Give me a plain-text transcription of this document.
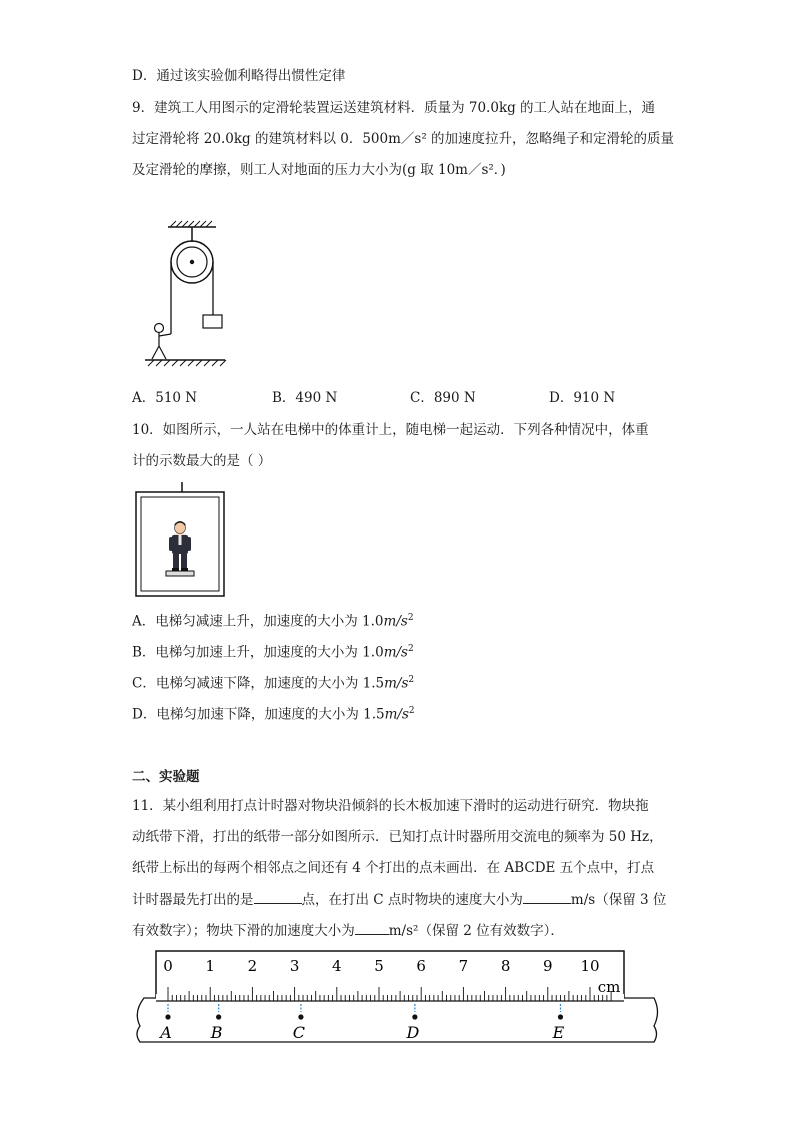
D．通过该实验伽利略得出惯性定律
9．建筑工人用图示的定滑轮装置运送建筑材料．质量为 70.0kg 的工人站在地面上，通
过定滑轮将 20.0kg 的建筑材料以 0．500m／s² 的加速度拉升，忽略绳子和定滑轮的质量
及定滑轮的摩擦，则工人对地面的压力大小为(g 取 10m／s²．)
A．510 N	B．490 N	C．890 N	D．910 N
10．如图所示，一人站在电梯中的体重计上，随电梯一起运动．下列各种情况中，体重
计的示数最大的是（ ）
A．电梯匀减速上升，加速度的大小为 $1.0m/s^2$
B．电梯匀加速上升，加速度的大小为 $1.0m/s^2$
C．电梯匀减速下降，加速度的大小为 $1.5m/s^2$
D．电梯匀加速下降，加速度的大小为 $1.5m/s^2$
二、实验题
11．某小组利用打点计时器对物块沿倾斜的长木板加速下滑时的运动进行研究．物块拖
动纸带下滑，打出的纸带一部分如图所示．已知打点计时器所用交流电的频率为 50 Hz，
纸带上标出的每两个相邻点之间还有 4 个打出的点未画出．在 ABCDE 五个点中，打点
计时器最先打出的是	点，在打出 C 点时物块的速度大小为	m/s（保留 3 位
有效数字）；物块下滑的加速度大小为	m/s²（保留 2 位有效数字）．
0 1 2 3 4 5 6 7 8 9 10
cm
A B	C	D	E
